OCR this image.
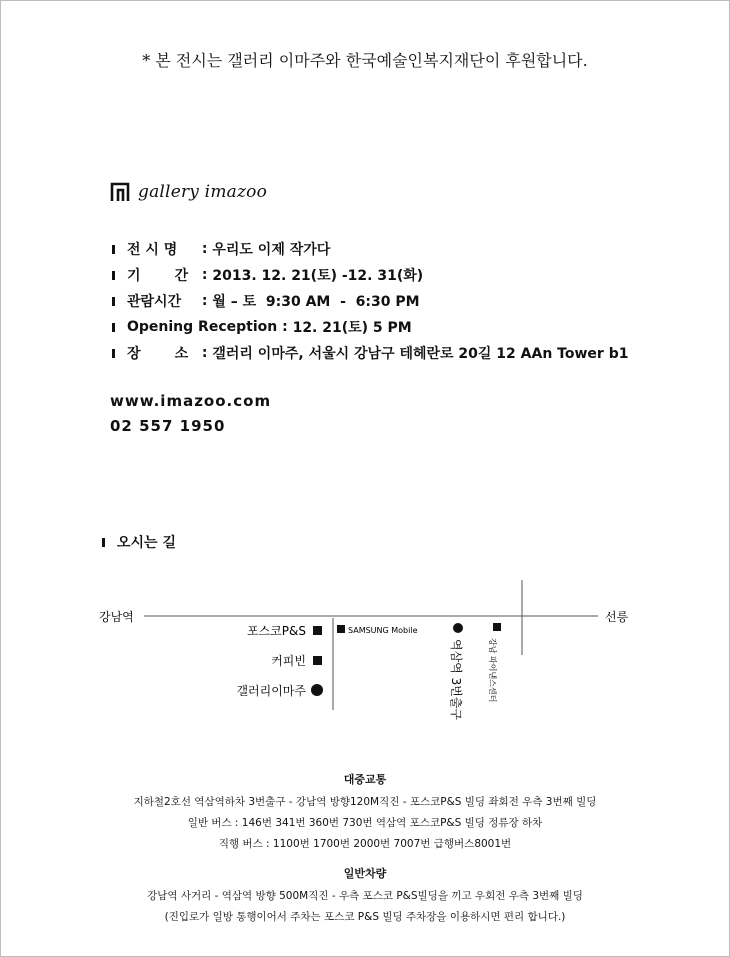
* 본 전시는 갤러리 이마주와 한국예술인복지재단이 후원합니다.
gallery imazoo
전 시 명	: 우리도 이제 작가다
기       간 : 2013. 12. 21(토) -12. 31(화)
관람시간	: 월 – 토  9:30 AM  -  6:30 PM
Opening Reception : 12. 21(토) 5 PM
장       소 : 갤러리 이마주, 서울시 강남구 테헤란로 20길 12 AAn Tower b1
www.imazoo.com
02 557 1950
오시는 길
강남역	선릉
포스코P&S
커피빈
갤러리이마주
SAMSUNG Mobile
역삼역 3번출구	강남 파이낸스센터
대중교통
지하철2호선 역삼역하차 3번출구 - 강남역 방향120M직진 - 포스코P&S 빌딩 좌회전 우측 3번째 빌딩
일반 버스 : 146번 341번 360번 730번 역삼역 포스코P&S 빌딩 정류장 하차
직행 버스 : 1100번 1700번 2000번 7007번 급행버스8001번
일반차량
강남역 사거리 - 역삼역 방향 500M직진 - 우측 포스코 P&S빌딩을 끼고 우회전 우측 3번째 빌딩
(진입로가 일방 통행이어서 주차는 포스코 P&S 빌딩 주차장을 이용하시면 편리 합니다.)
